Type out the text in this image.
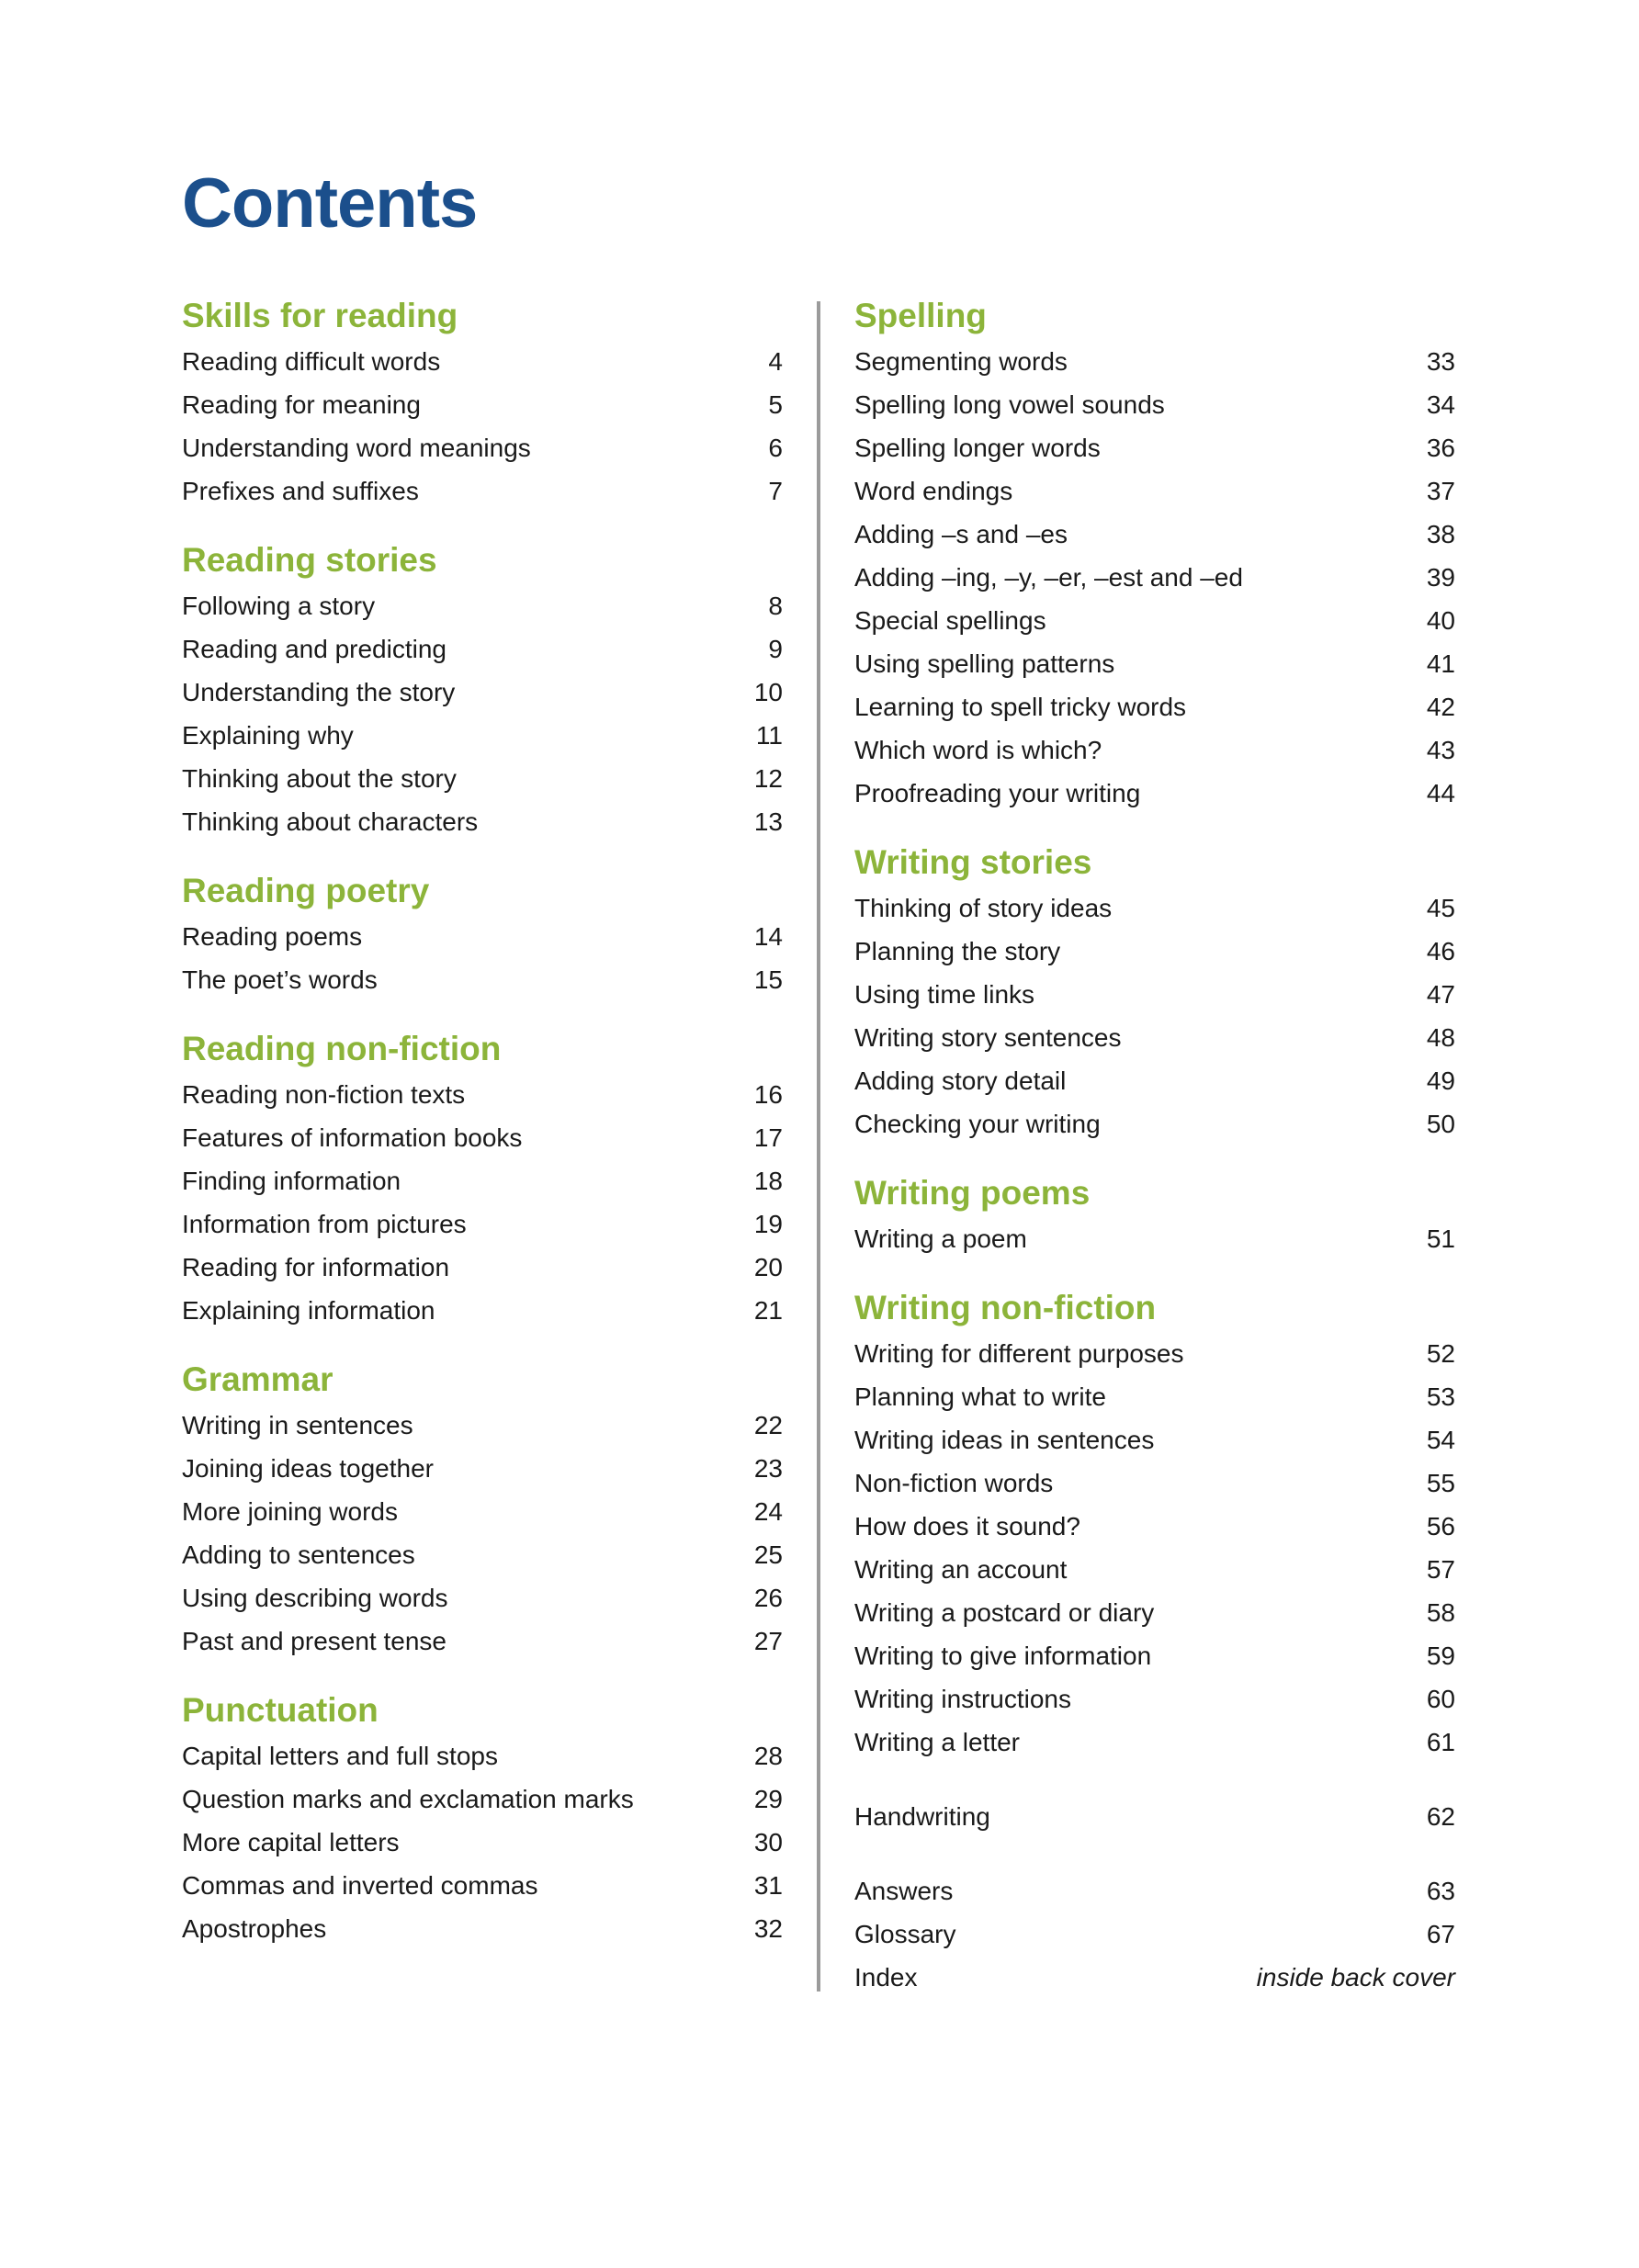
Contents
Skills for reading
Reading difficult words	4
Reading for meaning	5
Understanding word meanings	6
Prefixes and suffixes	7
Reading stories
Following a story	8
Reading and predicting	9
Understanding the story	10
Explaining why	11
Thinking about the story	12
Thinking about characters	13
Reading poetry
Reading poems	14
The poet’s words	15
Reading non-fiction
Reading non-fiction texts	16
Features of information books	17
Finding information	18
Information from pictures	19
Reading for information	20
Explaining information	21
Grammar
Writing in sentences	22
Joining ideas together	23
More joining words	24
Adding to sentences	25
Using describing words	26
Past and present tense	27
Punctuation
Capital letters and full stops	28
Question marks and exclamation marks	29
More capital letters	30
Commas and inverted commas	31
Apostrophes	32
Spelling
Segmenting words	33
Spelling long vowel sounds	34
Spelling longer words	36
Word endings	37
Adding –s and –es	38
Adding –ing, –y, –er, –est and –ed	39
Special spellings	40
Using spelling patterns	41
Learning to spell tricky words	42
Which word is which?	43
Proofreading your writing	44
Writing stories
Thinking of story ideas	45
Planning the story	46
Using time links	47
Writing story sentences	48
Adding story detail	49
Checking your writing	50
Writing poems
Writing a poem	51
Writing non-fiction
Writing for different purposes	52
Planning what to write	53
Writing ideas in sentences	54
Non-fiction words	55
How does it sound?	56
Writing an account	57
Writing a postcard or diary	58
Writing to give information	59
Writing instructions	60
Writing a letter	61
Handwriting	62
Answers	63
Glossary	67
Index	inside back cover
